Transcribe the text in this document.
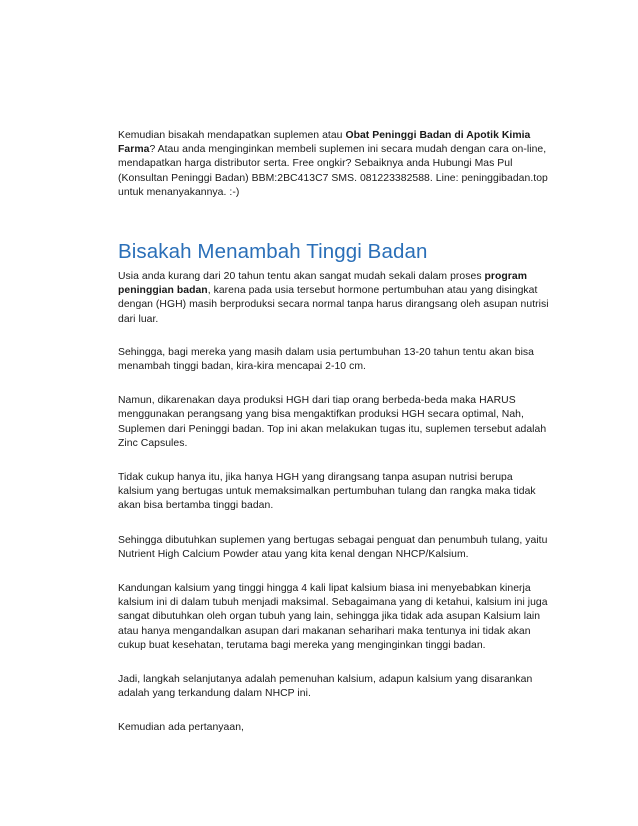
Kemudian bisakah mendapatkan suplemen atau Obat Peninggi Badan di Apotik Kimia Farma? Atau anda menginginkan membeli suplemen ini secara mudah dengan cara on-line, mendapatkan harga distributor serta. Free ongkir? Sebaiknya anda Hubungi Mas Pul (Konsultan Peninggi Badan) BBM:2BC413C7 SMS. 081223382588. Line: peninggibadan.top untuk menanyakannya. :-)

Bisakah Menambah Tinggi Badan

Usia anda kurang dari 20 tahun tentu akan sangat mudah sekali dalam proses program peninggian badan, karena pada usia tersebut hormone pertumbuhan atau yang disingkat dengan (HGH) masih berproduksi secara normal tanpa harus dirangsang oleh asupan nutrisi dari luar.

Sehingga, bagi mereka yang masih dalam usia pertumbuhan 13-20 tahun tentu akan bisa menambah tinggi badan, kira-kira mencapai 2-10 cm.

Namun, dikarenakan daya produksi HGH dari tiap orang berbeda-beda maka HARUS menggunakan perangsang yang bisa mengaktifkan produksi HGH secara optimal, Nah, Suplemen dari Peninggi badan. Top ini akan melakukan tugas itu, suplemen tersebut adalah Zinc Capsules.

Tidak cukup hanya itu, jika hanya HGH yang dirangsang tanpa asupan nutrisi berupa kalsium yang bertugas untuk memaksimalkan pertumbuhan tulang dan rangka maka tidak akan bisa bertamba tinggi badan.

Sehingga dibutuhkan suplemen yang bertugas sebagai penguat dan penumbuh tulang, yaitu Nutrient High Calcium Powder atau yang kita kenal dengan NHCP/Kalsium.

Kandungan kalsium yang tinggi hingga 4 kali lipat kalsium biasa ini menyebabkan kinerja kalsium ini di dalam tubuh menjadi maksimal. Sebagaimana yang di ketahui, kalsium ini juga sangat dibutuhkan oleh organ tubuh yang lain, sehingga jika tidak ada asupan Kalsium lain atau hanya mengandalkan asupan dari makanan seharihari maka tentunya ini tidak akan cukup buat kesehatan, terutama bagi mereka yang menginginkan tinggi badan.

Jadi, langkah selanjutanya adalah pemenuhan kalsium, adapun kalsium yang disarankan adalah yang terkandung dalam NHCP ini.

Kemudian ada pertanyaan,
